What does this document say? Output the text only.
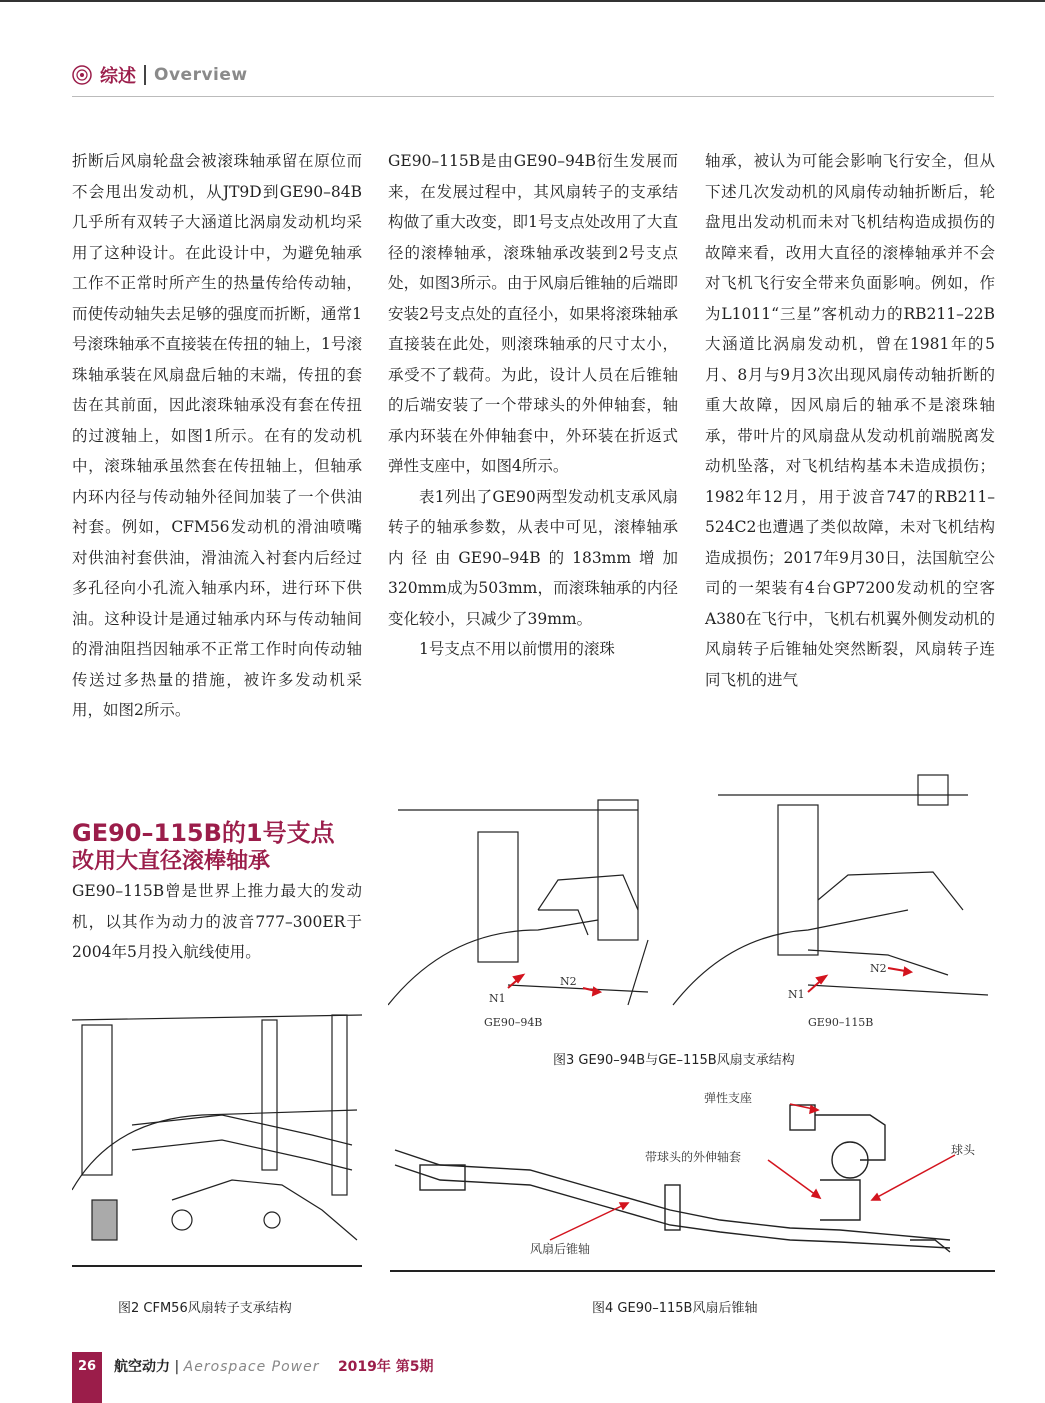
综述 Overview

折断后风扇轮盘会被滚珠轴承留在原位而不会甩出发动机，从JT9D到GE90–84B几乎所有双转子大涵道比涡扇发动机均采用了这种设计。在此设计中，为避免轴承工作不正常时所产生的热量传给传动轴，而使传动轴失去足够的强度而折断，通常1号滚珠轴承不直接装在传扭的轴上，1号滚珠轴承装在风扇盘后轴的末端，传扭的套齿在其前面，因此滚珠轴承没有套在传扭的过渡轴上，如图1所示。在有的发动机中，滚珠轴承虽然套在传扭轴上，但轴承内环内径与传动轴外径间加装了一个供油衬套。例如，CFM56发动机的滑油喷嘴对供油衬套供油，滑油流入衬套内后经过多孔径向小孔流入轴承内环，进行环下供油。这种设计是通过轴承内环与传动轴间的滑油阻挡因轴承不正常工作时向传动轴传送过多热量的措施，被许多发动机采用，如图2所示。

GE90–115B是由GE90–94B衍生发展而来，在发展过程中，其风扇转子的支承结构做了重大改变，即1号支点处改用了大直径的滚棒轴承，滚珠轴承改装到2号支点处，如图3所示。由于风扇后锥轴的后端即安装2号支点处的直径小，如果将滚珠轴承直接装在此处，则滚珠轴承的尺寸太小，承受不了载荷。为此，设计人员在后锥轴的后端安装了一个带球头的外伸轴套，轴承内环装在外伸轴套中，外环装在折返式弹性支座中，如图4所示。

表1列出了GE90两型发动机支承风扇转子的轴承参数，从表中可见，滚棒轴承内径由GE90–94B的183mm增加320mm成为503mm，而滚珠轴承的内径变化较小，只减少了39mm。

1号支点不用以前惯用的滚珠

轴承，被认为可能会影响飞行安全，但从下述几次发动机的风扇传动轴折断后，轮盘甩出发动机而未对飞机结构造成损伤的故障来看，改用大直径的滚棒轴承并不会对飞机飞行安全带来负面影响。例如，作为L1011“三星”客机动力的RB211–22B大涵道比涡扇发动机，曾在1981年的5月、8月与9月3次出现风扇传动轴折断的重大故障，因风扇后的轴承不是滚珠轴承，带叶片的风扇盘从发动机前端脱离发动机坠落，对飞机结构基本未造成损伤；1982年12月，用于波音747的RB211–524C2也遭遇了类似故障，未对飞机结构造成损伤；2017年9月30日，法国航空公司的一架装有4台GP7200发动机的空客A380在飞行中，飞机右机翼外侧发动机的风扇转子后锥轴处突然断裂，风扇转子连同飞机的进气

GE90–115B的1号支点
改用大直径滚棒轴承

GE90–115B曾是世界上推力最大的发动机，以其作为动力的波音777–300ER于2004年5月投入航线使用。

N1
N2
N1
N2
GE90–94B	GE90–115B
图3 GE90–94B与GE–115B风扇支承结构
弹性支座
带球头的外伸轴套	球头
风扇后锥轴
图4 GE90–115B风扇后锥轴
图2 CFM56风扇转子支承结构
26	航空动力 | Aerospace Power 2019年 第5期
